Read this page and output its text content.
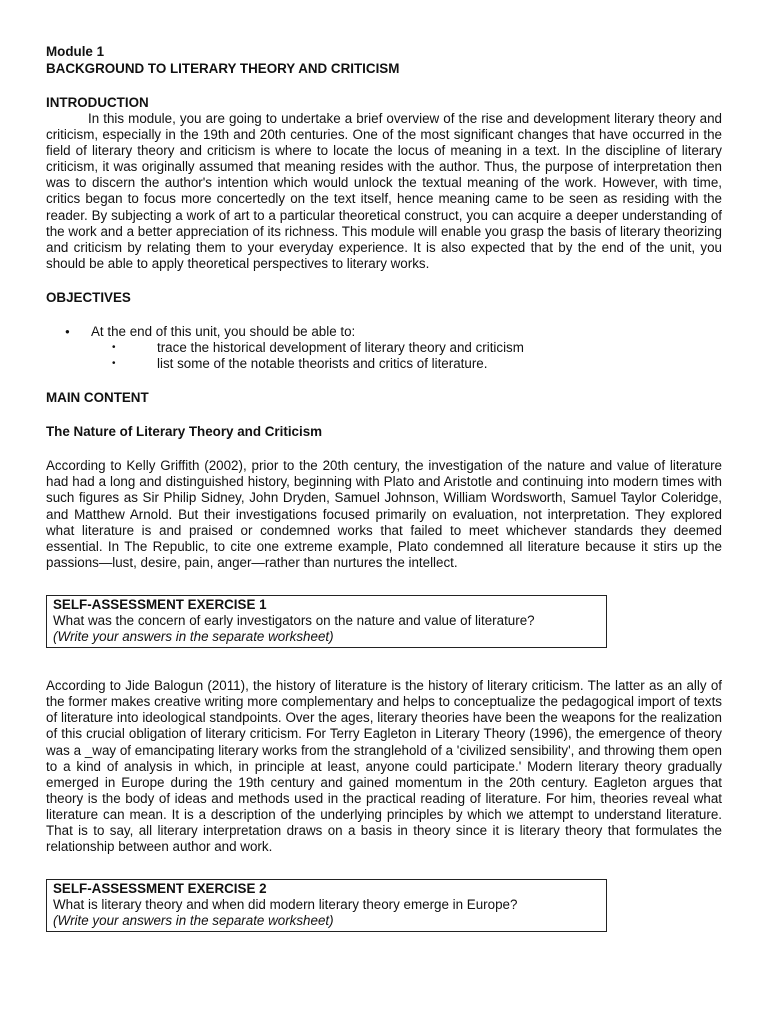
Module 1
BACKGROUND TO LITERARY THEORY AND CRITICISM
INTRODUCTION

In this module, you are going to undertake a brief overview of the rise and development literary theory and criticism, especially in the 19th and 20th centuries. One of the most significant changes that have occurred in the field of literary theory and criticism is where to locate the locus of meaning in a text. In the discipline of literary criticism, it was originally assumed that meaning resides with the author. Thus, the purpose of interpretation then was to discern the author's intention which would unlock the textual meaning of the work. However, with time, critics began to focus more concertedly on the text itself, hence meaning came to be seen as residing with the reader. By subjecting a work of art to a particular theoretical construct, you can acquire a deeper understanding of the work and a better appreciation of its richness. This module will enable you grasp the basis of literary theorizing and criticism by relating them to your everyday experience. It is also expected that by the end of the unit, you should be able to apply theoretical perspectives to literary works.

OBJECTIVES
● At the end of this unit, you should be able to:
• trace the historical development of literary theory and criticism
• list some of the notable theorists and critics of literature.
MAIN CONTENT
The Nature of Literary Theory and Criticism

According to Kelly Griffith (2002), prior to the 20th century, the investigation of the nature and value of literature had had a long and distinguished history, beginning with Plato and Aristotle and continuing into modern times with such figures as Sir Philip Sidney, John Dryden, Samuel Johnson, William Wordsworth, Samuel Taylor Coleridge, and Matthew Arnold. But their investigations focused primarily on evaluation, not interpretation. They explored what literature is and praised or condemned works that failed to meet whichever standards they deemed essential. In The Republic, to cite one extreme example, Plato condemned all literature because it stirs up the passions—lust, desire, pain, anger—rather than nurtures the intellect.

SELF-ASSESSMENT EXERCISE 1
What was the concern of early investigators on the nature and value of literature?
(Write your answers in the separate worksheet)

According to Jide Balogun (2011), the history of literature is the history of literary criticism. The latter as an ally of the former makes creative writing more complementary and helps to conceptualize the pedagogical import of texts of literature into ideological standpoints. Over the ages, literary theories have been the weapons for the realization of this crucial obligation of literary criticism. For Terry Eagleton in Literary Theory (1996), the emergence of theory was a _way of emancipating literary works from the stranglehold of a 'civilized sensibility', and throwing them open to a kind of analysis in which, in principle at least, anyone could participate.' Modern literary theory gradually emerged in Europe during the 19th century and gained momentum in the 20th century. Eagleton argues that theory is the body of ideas and methods used in the practical reading of literature. For him, theories reveal what literature can mean. It is a description of the underlying principles by which we attempt to understand literature. That is to say, all literary interpretation draws on a basis in theory since it is literary theory that formulates the relationship between author and work.

SELF-ASSESSMENT EXERCISE 2
What is literary theory and when did modern literary theory emerge in Europe?
(Write your answers in the separate worksheet)
